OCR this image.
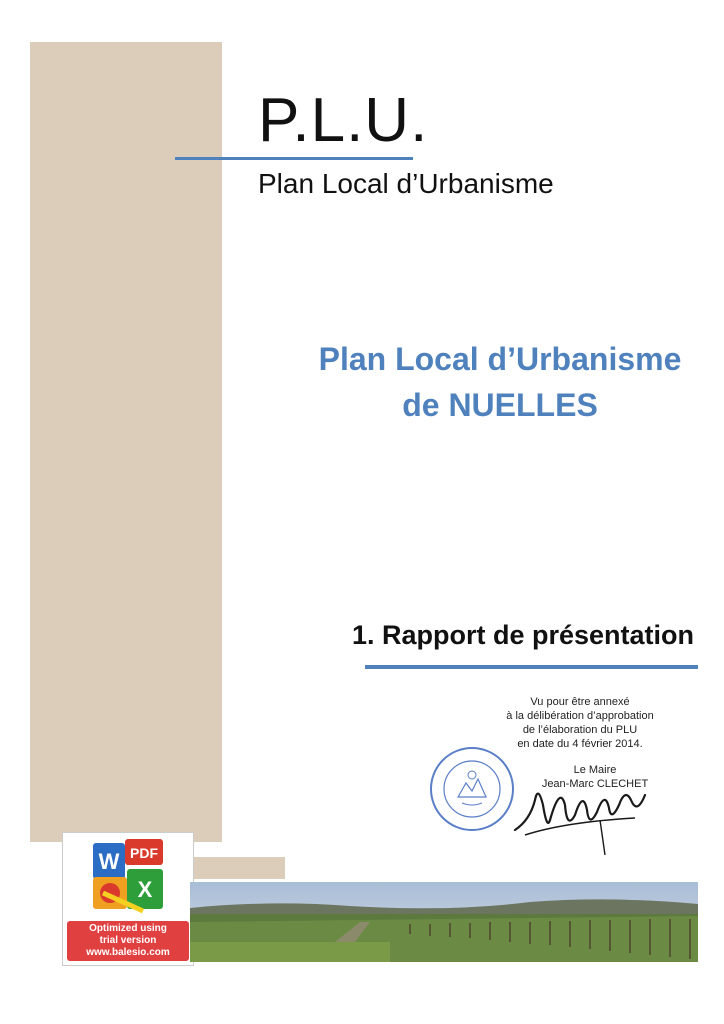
P.L.U.
Plan Local d’Urbanisme
Plan Local d’Urbanisme
de NUELLES
1. Rapport de présentation
Vu pour être annexé
à la délibération d’approbation
de l’élaboration du PLU
en date du 4 février 2014.
Le Maire
Jean-Marc CLECHET
W PDF
X
Optimized using
trial version
www.balesio.com
